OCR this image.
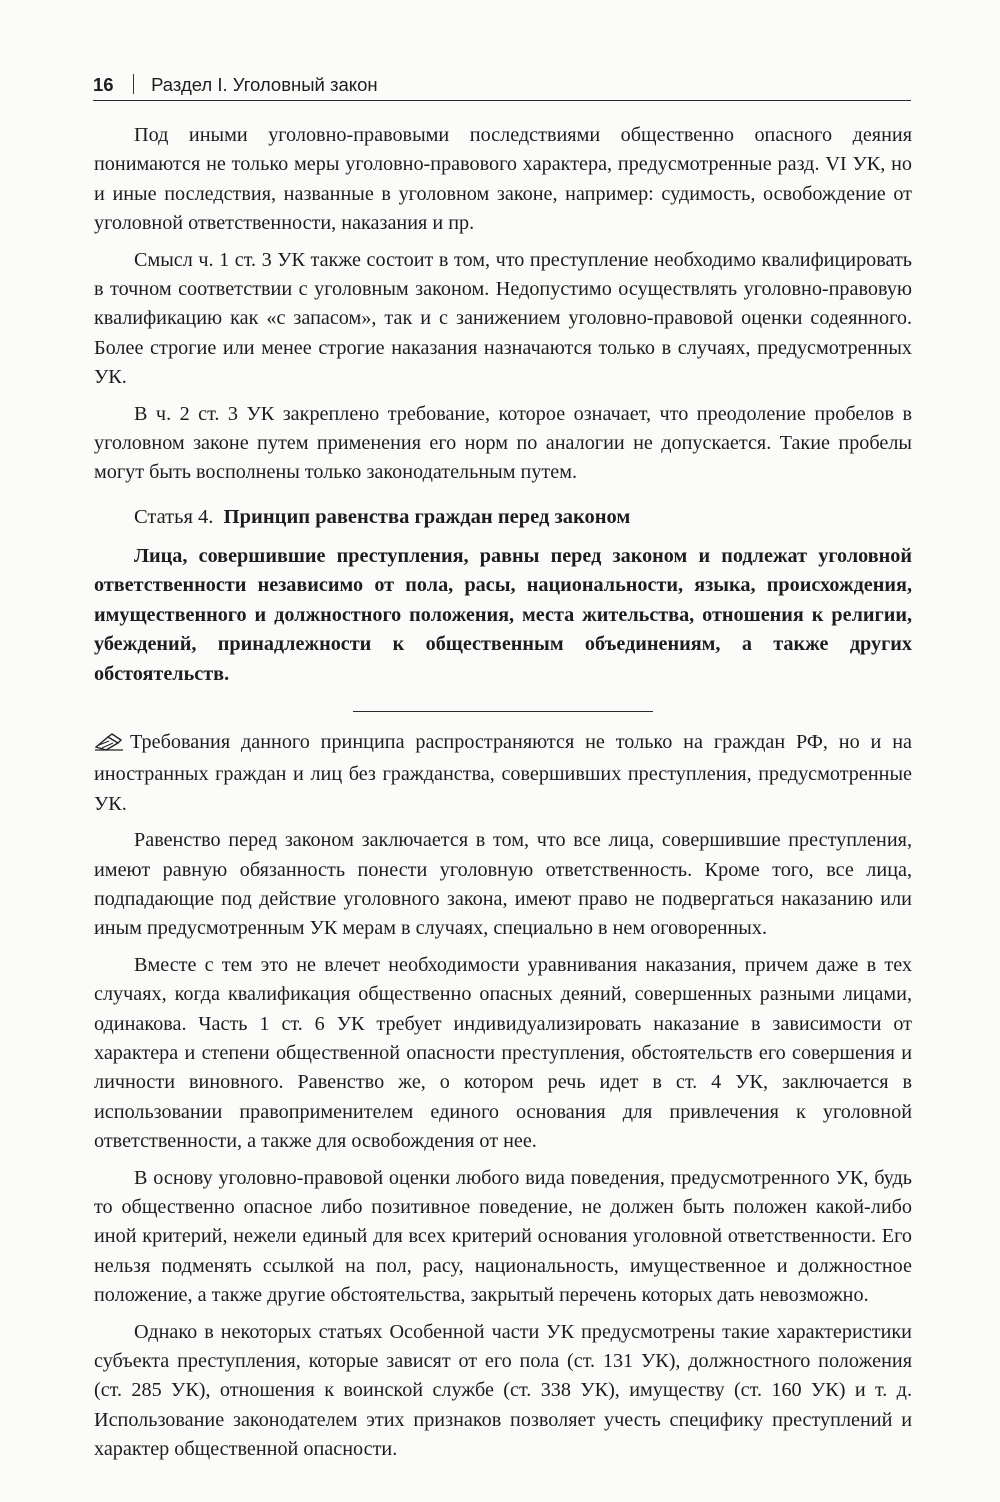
16 Раздел I. Уголовный закон

Под иными уголовно-правовыми последствиями общественно опасного деяния понимаются не только меры уголовно-правового характера, предусмотренные разд. VI УК, но и иные последствия, названные в уголовном законе, например: судимость, освобождение от уголовной ответственности, наказания и пр.

Смысл ч. 1 ст. 3 УК также состоит в том, что преступление необходимо квалифицировать в точном соответствии с уголовным законом. Недопустимо осуществлять уголовно-правовую квалификацию как «с запасом», так и с занижением уголовно-правовой оценки содеянного. Более строгие или менее строгие наказания назначаются только в случаях, предусмотренных УК.

В ч. 2 ст. 3 УК закреплено требование, которое означает, что преодоление пробелов в уголовном законе путем применения его норм по аналогии не допускается. Такие пробелы могут быть восполнены только законодательным путем.

Статья 4. Принцип равенства граждан перед законом
Лица, совершившие преступления, равны перед законом и подлежат уголовной ответственности независимо от пола, расы, национальности, языка, происхождения, имущественного и должностного положения, места жительства, отношения к религии, убеждений, принадлежности к общественным объединениям, а также других обстоятельств.

Требования данного принципа распространяются не только на граждан РФ, но и на иностранных граждан и лиц без гражданства, совершивших преступления, предусмотренные УК.

Равенство перед законом заключается в том, что все лица, совершившие преступления, имеют равную обязанность понести уголовную ответственность. Кроме того, все лица, подпадающие под действие уголовного закона, имеют право не подвергаться наказанию или иным предусмотренным УК мерам в случаях, специально в нем оговоренных.

Вместе с тем это не влечет необходимости уравнивания наказания, причем даже в тех случаях, когда квалификация общественно опасных деяний, совершенных разными лицами, одинакова. Часть 1 ст. 6 УК требует индивидуализировать наказание в зависимости от характера и степени общественной опасности преступления, обстоятельств его совершения и личности виновного. Равенство же, о котором речь идет в ст. 4 УК, заключается в использовании правоприменителем единого основания для привлечения к уголовной ответственности, а также для освобождения от нее.

В основу уголовно-правовой оценки любого вида поведения, предусмотренного УК, будь то общественно опасное либо позитивное поведение, не должен быть положен какой-либо иной критерий, нежели единый для всех критерий основания уголовной ответственности. Его нельзя подменять ссылкой на пол, расу, национальность, имущественное и должностное положение, а также другие обстоятельства, закрытый перечень которых дать невозможно.

Однако в некоторых статьях Особенной части УК предусмотрены такие характеристики субъекта преступления, которые зависят от его пола (ст. 131 УК), должностного положения (ст. 285 УК), отношения к воинской службе (ст. 338 УК), имуществу (ст. 160 УК) и т. д. Использование законодателем этих признаков позволяет учесть специфику преступлений и характер общественной опасности.
